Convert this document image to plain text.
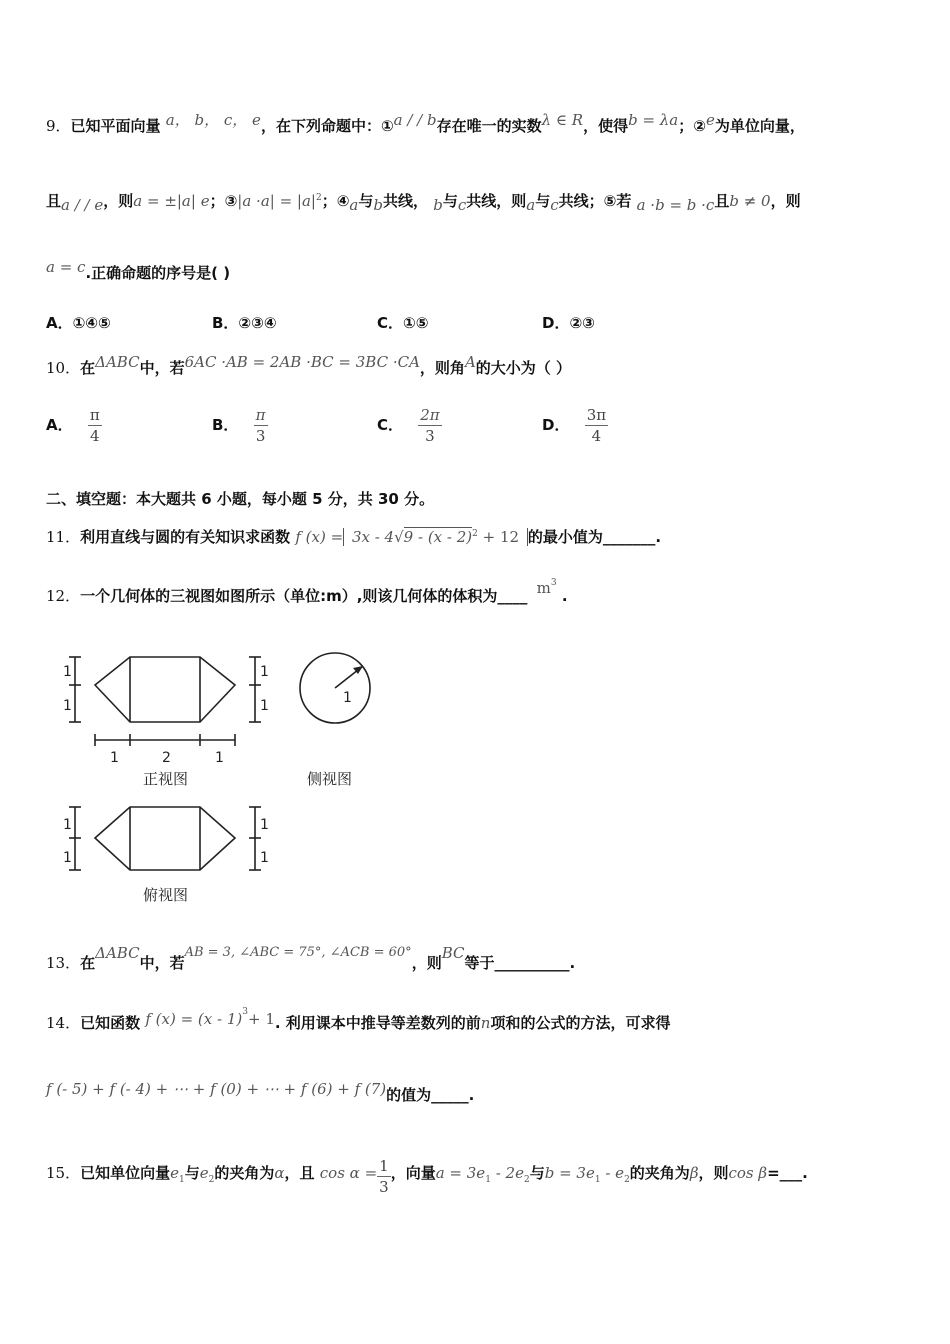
9．已知平面向量 a， b， c， e，在下列命题中：①a / / b存在唯一的实数λ ∈ R，使得b = λa；②e为单位向量，
且a / / e，则a = ±|a| e；③|a $\cdot a| = |a|^2$；④a与b共线， b与c共线，则a与c共线；⑤若 a ·b = b ·c且b ≠ 0，则
a = c.正确命题的序号是( )
A．①④⑤	B．②③④	C．①⑤	D．②③
10．在ΔABC中，若6AC ·AB = 2AB ·BC = 3BC ·CA，则角A的大小为（ ）
A． $\frac{\pi}{4}$	B． $\frac{\pi}{3}$	C． $\frac{2\pi}{3}$	D． $\frac{3\pi}{4}$
二、填空题：本大题共 6 小题，每小题 5 分，共 30 分。
11．利用直线与圆的有关知识求函数 f (x) = 3x - 4√9 - (x - 2)$^2$ + 12 的最小值为_______.
12．一个几何体的三视图如图所示（单位:m）,则该几何体的体积为____ $m^3$ .
1
1
1
1
1	2	1
1
1
1
1
1
正视图	侧视图
俯视图
13．在ΔABC中，若AB = 3, ∠ABC = 75°, ∠ACB = 60°，则BC等于__________.
14．已知函数 f (x) = (x - 1)$^3$+ 1. 利用课本中推导等差数列的前n项和的公式的方法，可求得
f (- 5) + f (- 4) + ⋯ + f (0) + ⋯ + f (6) + f (7)的值为_____.
15．已知单位向量$e_1$与$e_2$的夹角为α，且 $\cos \alpha = \frac{1}{3}$ ，向量$a = 3e_1 - 2e_2$与$b = 3e_1 - e_2$的夹角为β，则cos β=___.
